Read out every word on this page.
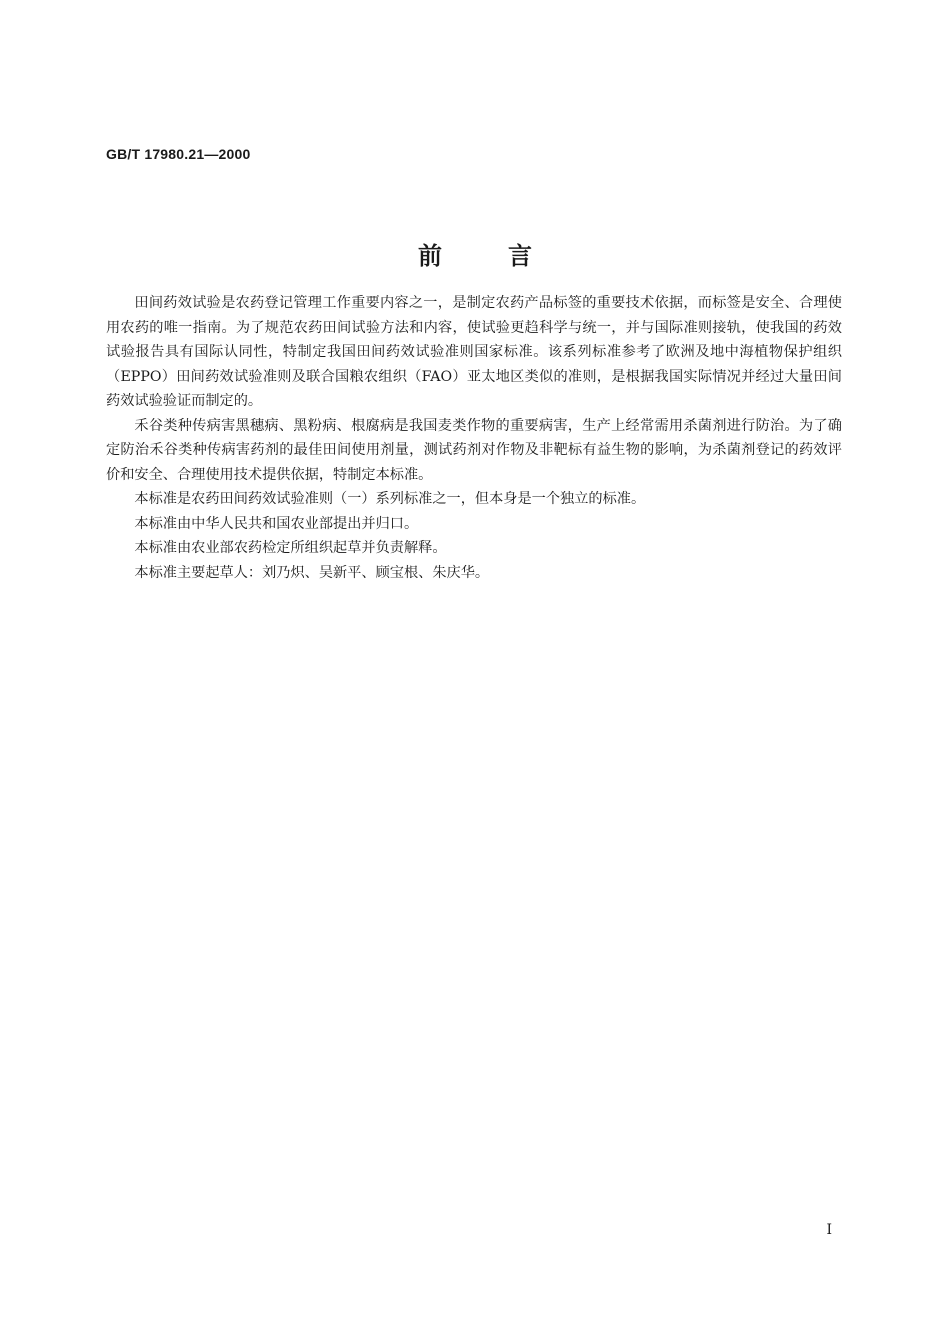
GB/T 17980.21—2000
前言

田间药效试验是农药登记管理工作重要内容之一，是制定农药产品标签的重要技术依据，而标签是安全、合理使用农药的唯一指南。为了规范农药田间试验方法和内容，使试验更趋科学与统一，并与国际准则接轨，使我国的药效试验报告具有国际认同性，特制定我国田间药效试验准则国家标准。该系列标准参考了欧洲及地中海植物保护组织（EPPO）田间药效试验准则及联合国粮农组织（FAO）亚太地区类似的准则，是根据我国实际情况并经过大量田间药效试验验证而制定的。

禾谷类种传病害黑穗病、黑粉病、根腐病是我国麦类作物的重要病害，生产上经常需用杀菌剂进行防治。为了确定防治禾谷类种传病害药剂的最佳田间使用剂量，测试药剂对作物及非靶标有益生物的影响，为杀菌剂登记的药效评价和安全、合理使用技术提供依据，特制定本标准。

本标准是农药田间药效试验准则（一）系列标准之一，但本身是一个独立的标准。

本标准由中华人民共和国农业部提出并归口。

本标准由农业部农药检定所组织起草并负责解释。

本标准主要起草人：刘乃炽、吴新平、顾宝根、朱庆华。

I
